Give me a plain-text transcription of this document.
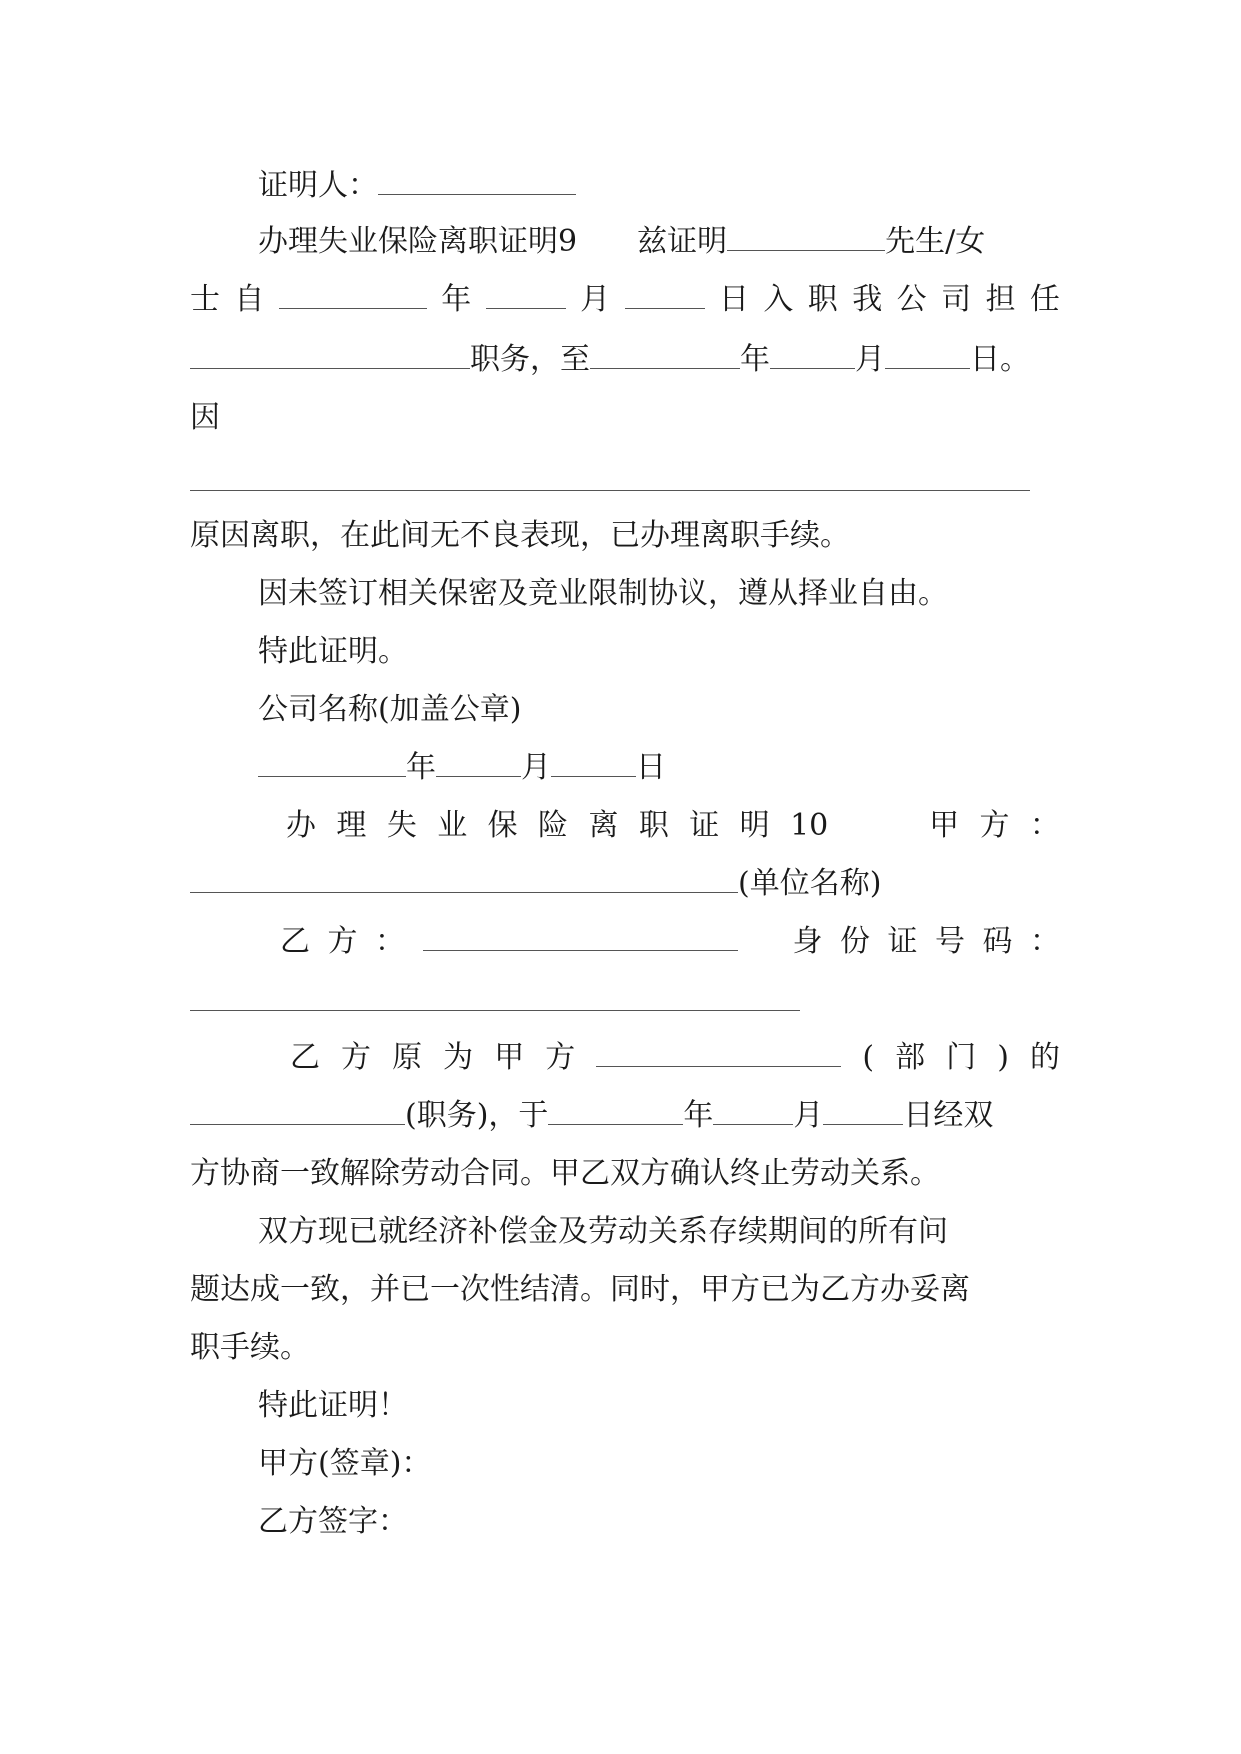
证明人：
办理失业保险离职证明9 兹证明	先生/女
士 自	年	月	日 入 职 我 公 司 担 任
职务，至	年	月	日。
因
原因离职，在此间无不良表现，已办理离职手续。
因未签订相关保密及竞业限制协议，遵从择业自由。
特此证明。
公司名称(加盖公章)
年	月	日
办 理 失 业 保 险 离 职 证 明 10	甲 方 ：
(单位名称)
乙 方 ：	身 份 证 号 码 ：
乙 方 原 为 甲 方	( 部 门 ) 的
(职务)，于	年	月	日经双
方协商一致解除劳动合同。甲乙双方确认终止劳动关系。
双方现已就经济补偿金及劳动关系存续期间的所有问
题达成一致，并已一次性结清。同时，甲方已为乙方办妥离
职手续。
特此证明！
甲方(签章)：
乙方签字：
